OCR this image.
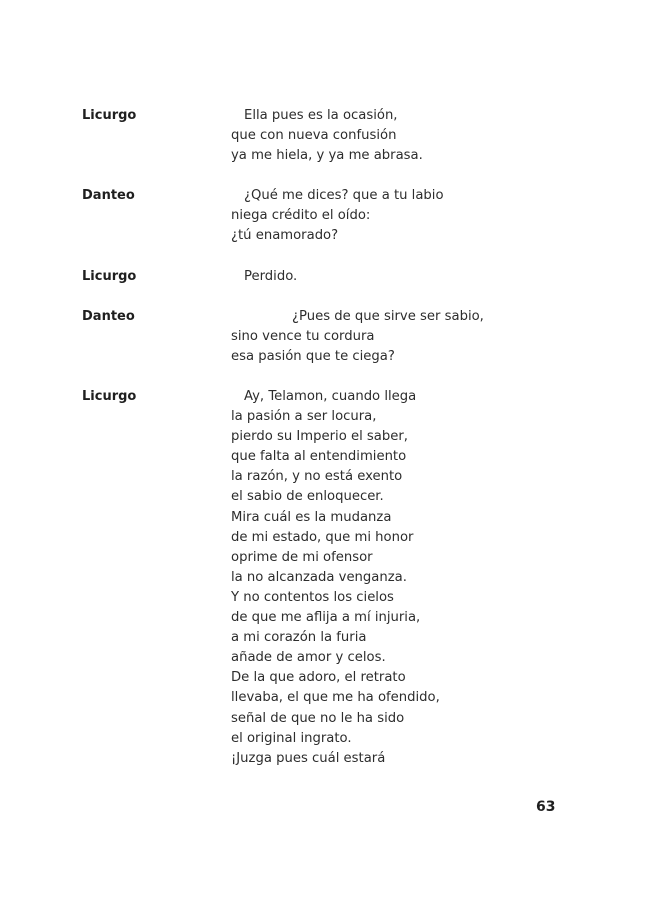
Licurgo	Ella pues es la ocasión,
que con nueva confusión
ya me hiela, y ya me abrasa.
Danteo	¿Qué me dices? que a tu labio
niega crédito el oído:
¿tú enamorado?
Licurgo	Perdido.
Danteo	¿Pues de que sirve ser sabio,
sino vence tu cordura
esa pasión que te ciega?
Licurgo	Ay, Telamon, cuando llega
la pasión a ser locura,
pierdo su Imperio el saber,
que falta al entendimiento
la razón, y no está exento
el sabio de enloquecer.
Mira cuál es la mudanza
de mi estado, que mi honor
oprime de mi ofensor
la no alcanzada venganza.
Y no contentos los cielos
de que me aflija a mí injuria,
a mi corazón la furia
añade de amor y celos.
De la que adoro, el retrato
llevaba, el que me ha ofendido,
señal de que no le ha sido
el original ingrato.
¡Juzga pues cuál estará
63
